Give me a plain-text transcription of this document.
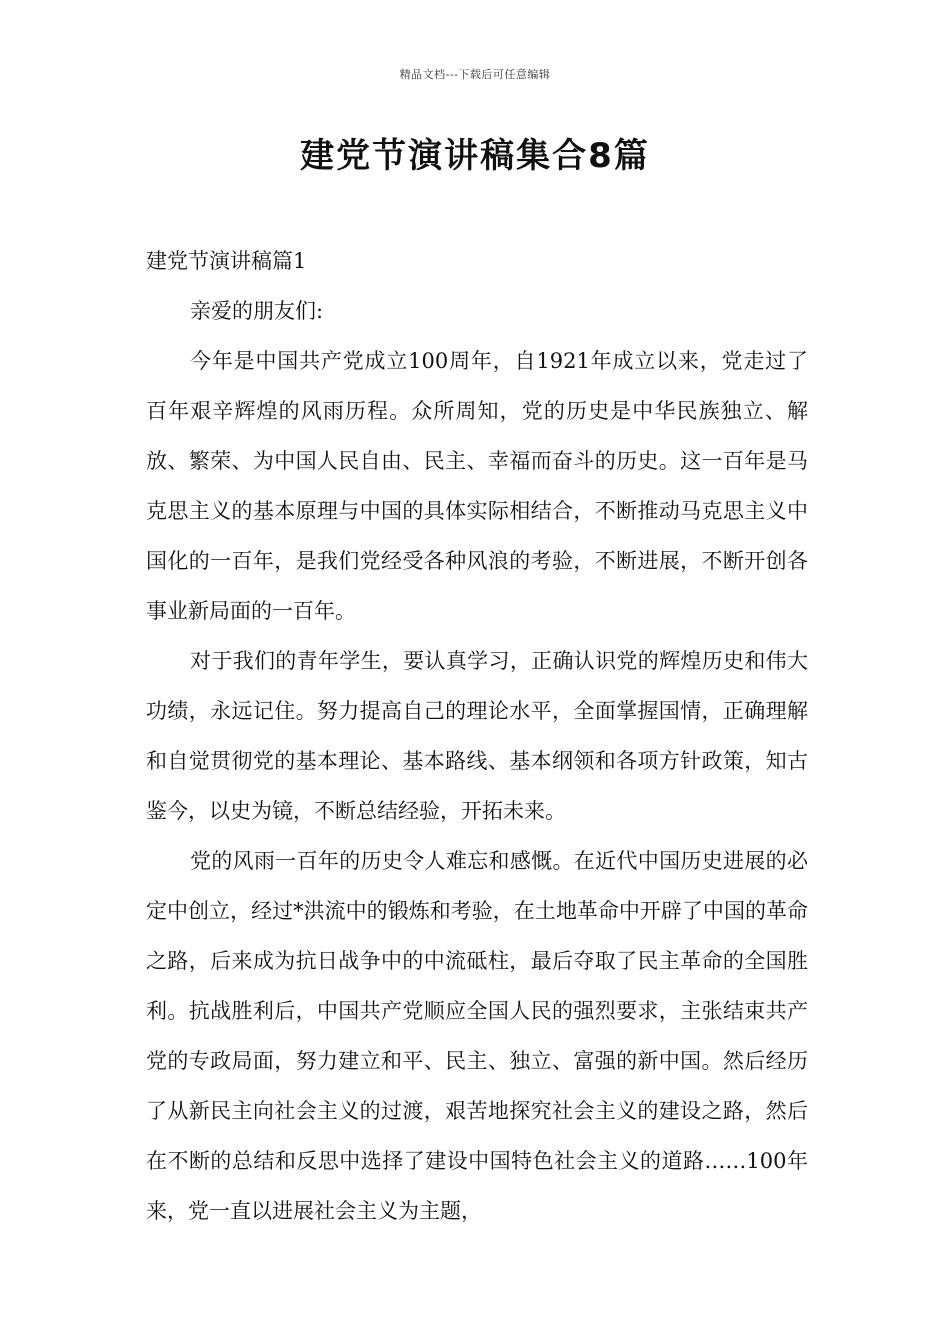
精品文档---下载后可任意编辑
建党节演讲稿集合8篇

建党节演讲稿篇1

亲爱的朋友们:

今年是中国共产党成立100周年，自1921年成立以来，党走过了百年艰辛辉煌的风雨历程。众所周知，党的历史是中华民族独立、解放、繁荣、为中国人民自由、民主、幸福而奋斗的历史。这一百年是马克思主义的基本原理与中国的具体实际相结合，不断推动马克思主义中国化的一百年，是我们党经受各种风浪的考验，不断进展，不断开创各事业新局面的一百年。

对于我们的青年学生，要认真学习，正确认识党的辉煌历史和伟大功绩，永远记住。努力提高自己的理论水平，全面掌握国情，正确理解和自觉贯彻党的基本理论、基本路线、基本纲领和各项方针政策，知古鉴今，以史为镜，不断总结经验，开拓未来。

党的风雨一百年的历史令人难忘和感慨。在近代中国历史进展的必定中创立，经过*洪流中的锻炼和考验，在土地革命中开辟了中国的革命之路，后来成为抗日战争中的中流砥柱，最后夺取了民主革命的全国胜利。抗战胜利后，中国共产党顺应全国人民的强烈要求，主张结束共产党的专政局面，努力建立和平、民主、独立、富强的新中国。然后经历了从新民主向社会主义的过渡，艰苦地探究社会主义的建设之路，然后在不断的总结和反思中选择了建设中国特色社会主义的道路……100年来，党一直以进展社会主义为主题，
